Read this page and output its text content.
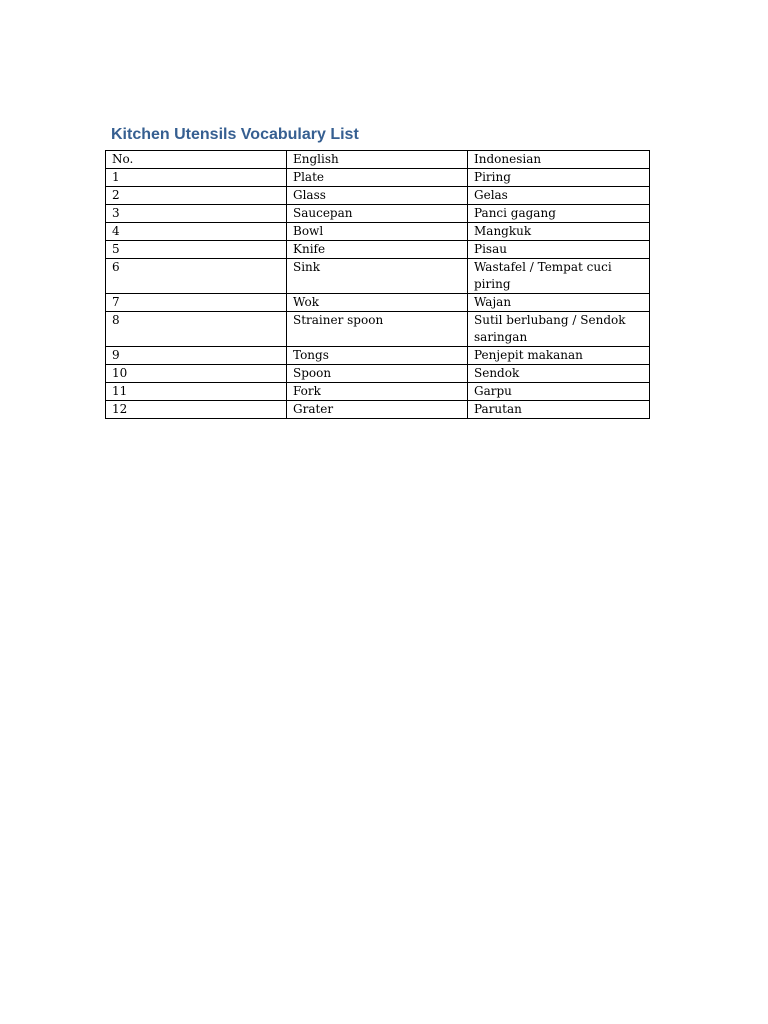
Kitchen Utensils Vocabulary List
No.	English	Indonesian
1	Plate	Piring
2	Glass	Gelas
3	Saucepan	Panci gagang
4	Bowl	Mangkuk
5	Knife	Pisau
6	Sink	Wastafel / Tempat cuci piring
7	Wok	Wajan
8	Strainer spoon	Sutil berlubang / Sendok saringan
9	Tongs	Penjepit makanan
10	Spoon	Sendok
11	Fork	Garpu
12	Grater	Parutan
